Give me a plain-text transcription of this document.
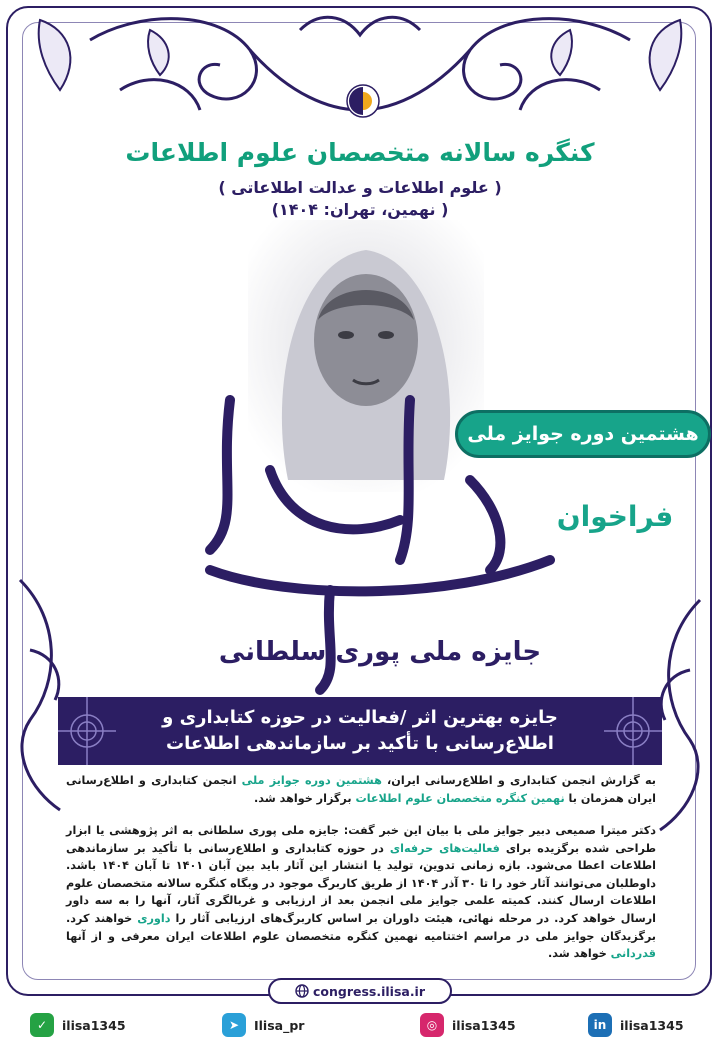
کنگره سالانه متخصصان علوم اطلاعات
( علوم اطلاعات و عدالت اطلاعاتی )
( نهمین، تهران: ۱۴۰۴)
جایزه ملی پوری سلطانی
هشتمین دوره جوایز ملی
فراخوان
جایزه بهترین اثر /فعالیت در حوزه کتابداری و
اطلاع‌رسانی با تأکید بر سازماندهی اطلاعات
به گزارش انجمن کتابداری و اطلاع‌رسانی ایران، هشتمین دوره جوایز ملی انجمن کتابداری و اطلاع‌رسانی ایران همزمان با نهمین کنگره متخصصان علوم اطلاعات برگزار خواهد شد.
دکتر میترا صمیعی دبیر جوایز ملی با بیان این خبر گفت: جایزه ملی پوری سلطانی به اثر پژوهشی یا ابزار طراحی شده برگزیده برای فعالیت‌های حرفه‌ای در حوزه کتابداری و اطلاع‌رسانی با تأکید بر سازماندهی اطلاعات اعطا می‌شود. بازه زمانی تدوین، تولید یا انتشار این آثار باید بین آبان ۱۴۰۱ تا آبان ۱۴۰۴ باشد. داوطلبان می‌توانند آثار خود را تا ۳۰ آذر ۱۴۰۴ از طریق کاربرگ موجود در وبگاه کنگره سالانه متخصصان علوم اطلاعات ارسال کنند. کمیته علمی جوایز ملی انجمن بعد از ارزیابی و غربالگری آثار، آنها را به سه داور ارسال خواهد کرد. در مرحله نهائی، هیئت داوران بر اساس کاربرگ‌های ارزیابی آثار را داوری خواهند کرد. برگزیدگان جوایز ملی در مراسم اختتامیه نهمین کنگره متخصصان علوم اطلاعات ایران معرفی و از آنها قدردانی خواهد شد.
congress.ilisa.ir
✓	ilisa1345	➤	Ilisa_pr	◎	ilisa1345	in	ilisa1345
